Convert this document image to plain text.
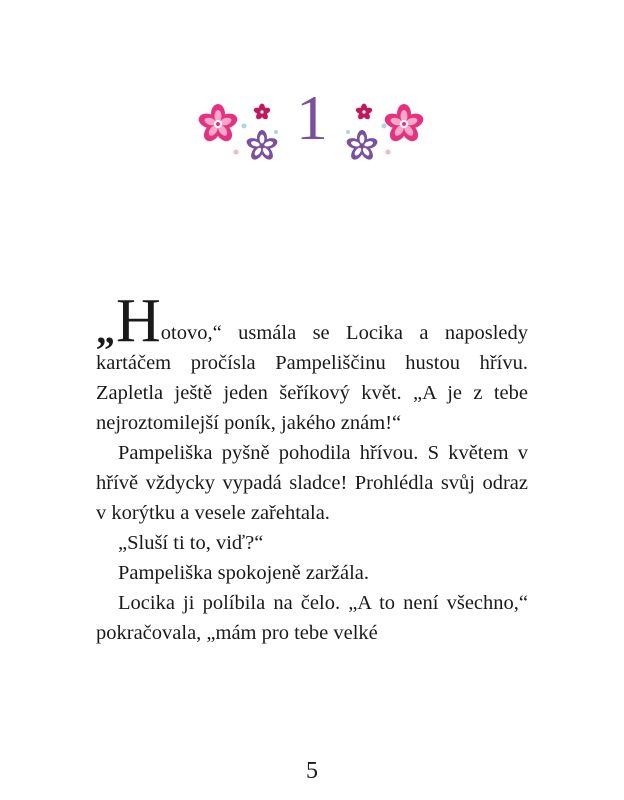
1

„Hotovo,“ usmála se Locika a naposledy kartáčem pročísla Pampeliščinu hustou hřívu. Zapletla ještě jeden šeříkový květ. „A je z tebe nejroztomilejší poník, jakého znám!“

Pampeliška pyšně pohodila hřívou. S květem v hřívě vždycky vypadá sladce! Prohlédla svůj odraz v korýtku a vesele zařehtala.

„Sluší ti to, viď?“

Pampeliška spokojeně zaržála.

Locika ji políbila na čelo. „A to není všechno,“ pokračovala, „mám pro tebe velké

5
